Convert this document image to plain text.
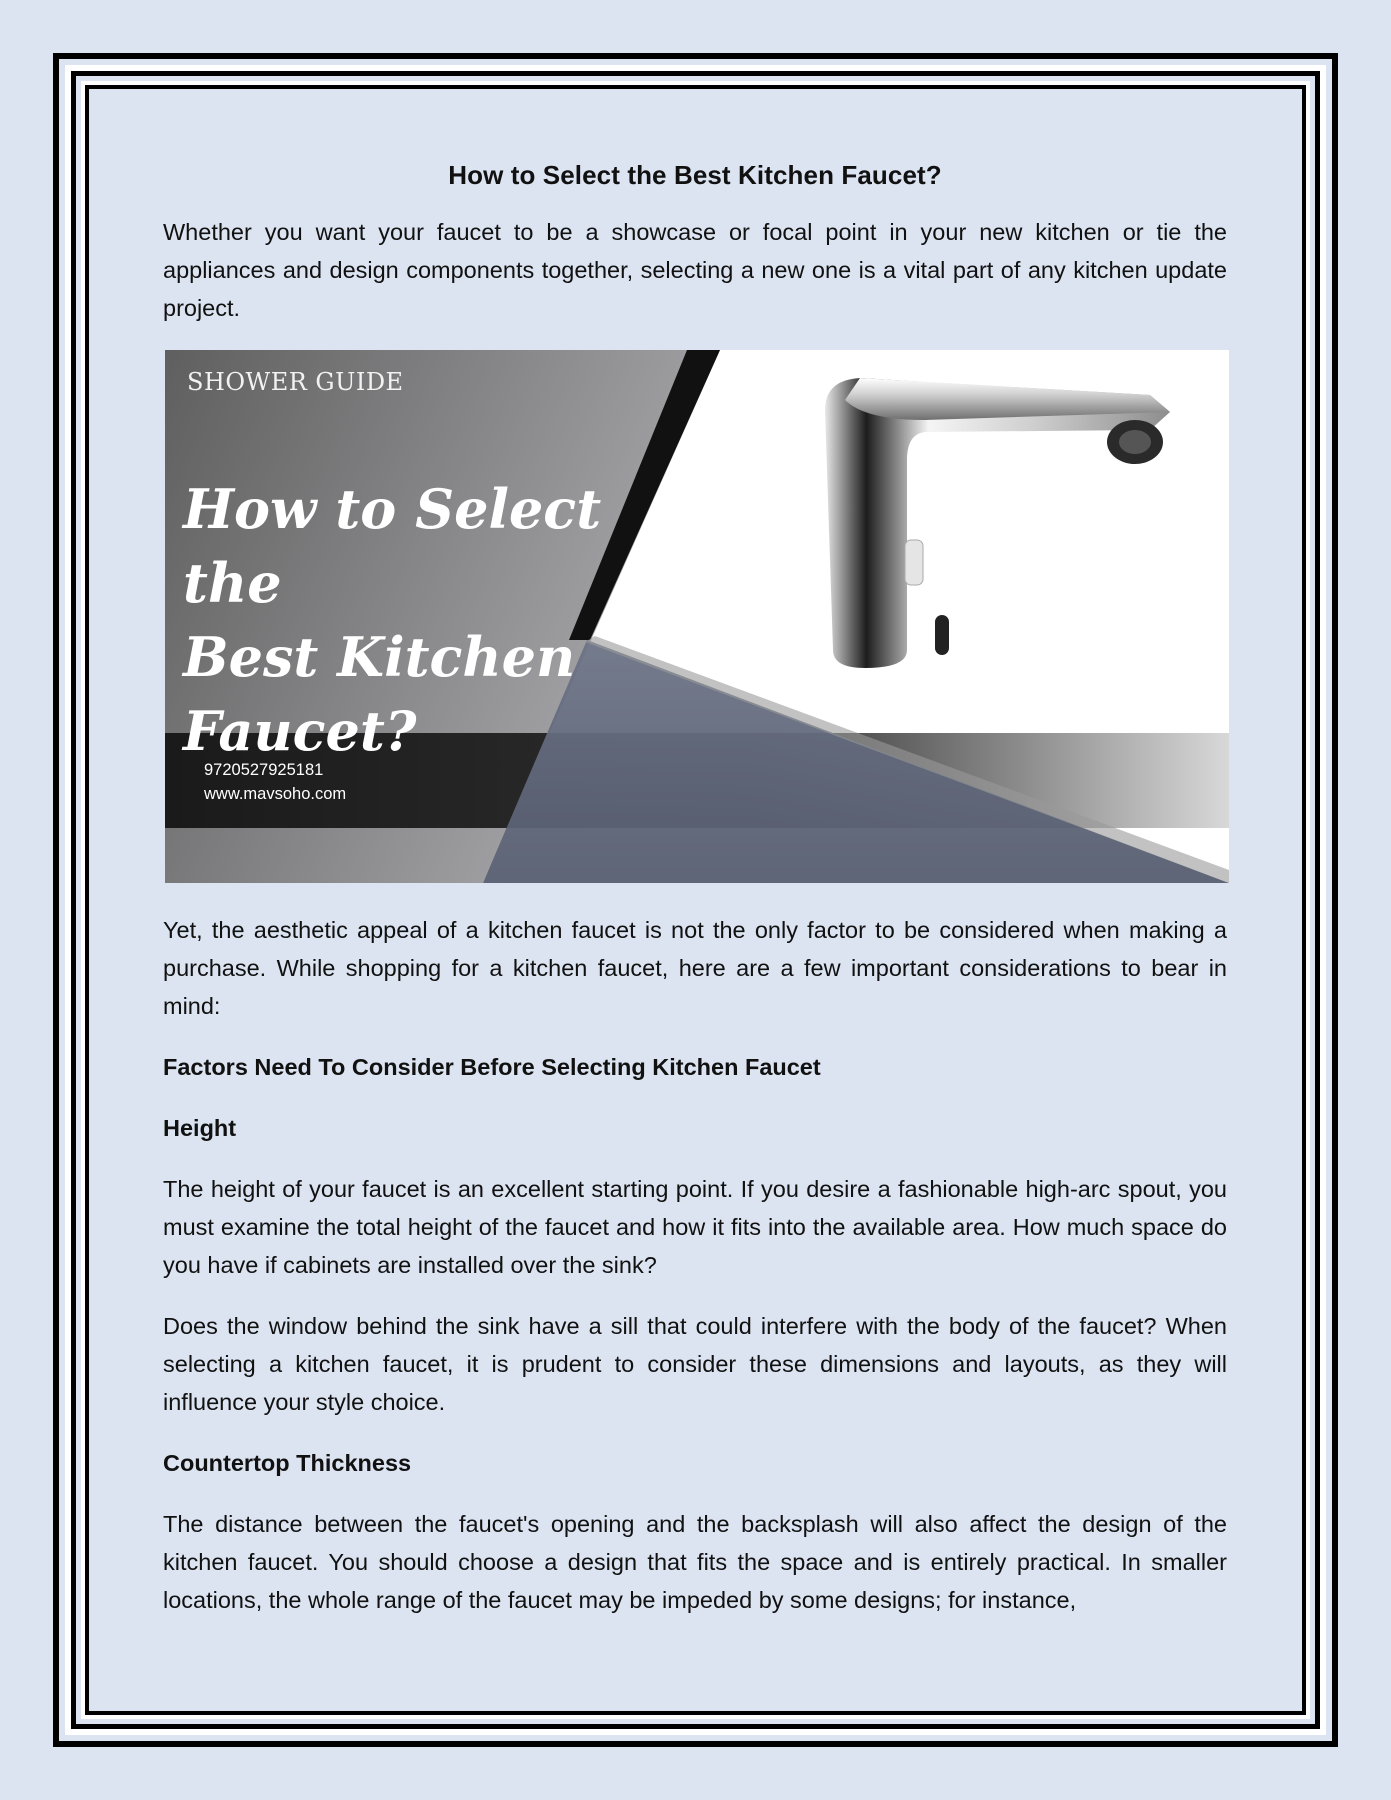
How to Select the Best Kitchen Faucet?

Whether you want your faucet to be a showcase or focal point in your new kitchen or tie the appliances and design components together, selecting a new one is a vital part of any kitchen update project.

SHOWER GUIDE
How to Select the
Best Kitchen
Faucet?
9720527925181
www.mavsoho.com

Yet, the aesthetic appeal of a kitchen faucet is not the only factor to be considered when making a purchase. While shopping for a kitchen faucet, here are a few important considerations to bear in mind:

Factors Need To Consider Before Selecting Kitchen Faucet
Height

The height of your faucet is an excellent starting point. If you desire a fashionable high-arc spout, you must examine the total height of the faucet and how it fits into the available area. How much space do you have if cabinets are installed over the sink?

Does the window behind the sink have a sill that could interfere with the body of the faucet? When selecting a kitchen faucet, it is prudent to consider these dimensions and layouts, as they will influence your style choice.

Countertop Thickness

The distance between the faucet's opening and the backsplash will also affect the design of the kitchen faucet. You should choose a design that fits the space and is entirely practical. In smaller locations, the whole range of the faucet may be impeded by some designs; for instance,
